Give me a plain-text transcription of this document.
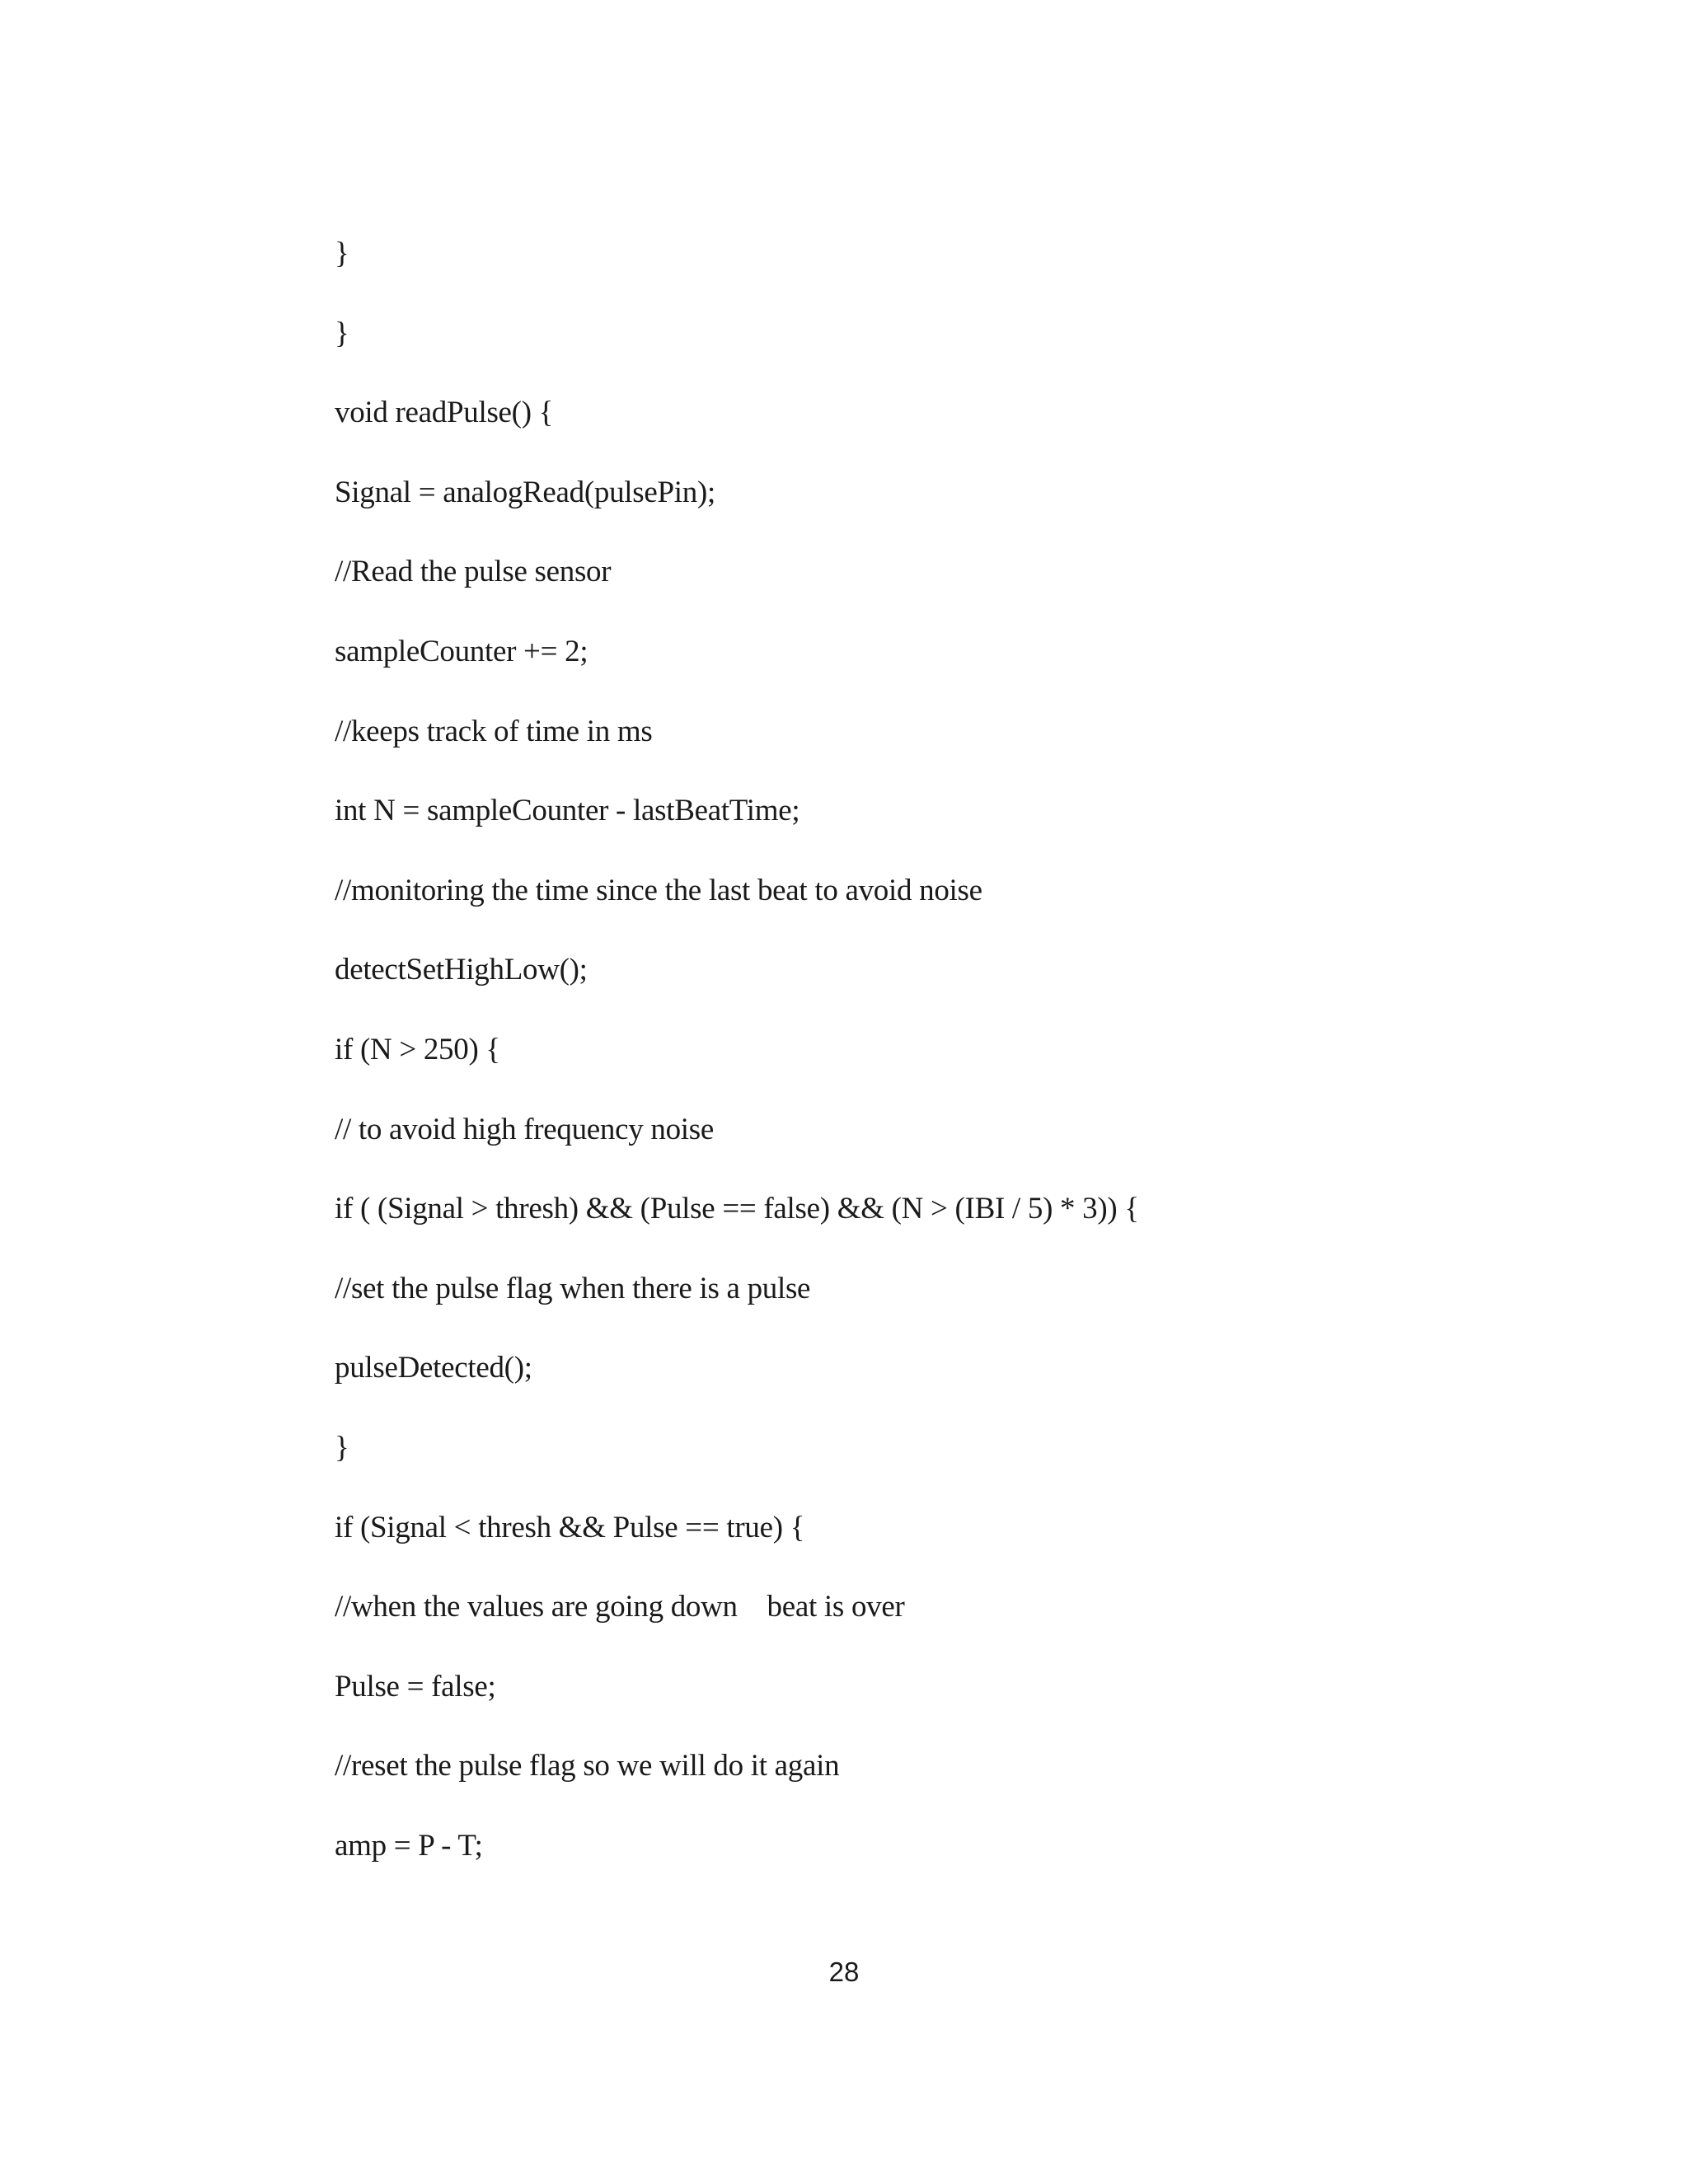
}
}
void readPulse() {
Signal = analogRead(pulsePin);
//Read the pulse sensor
sampleCounter += 2;
//keeps track of time in ms
int N = sampleCounter - lastBeatTime;
//monitoring the time since the last beat to avoid noise
detectSetHighLow();
if (N > 250) {
// to avoid high frequency noise
if ( (Signal > thresh) && (Pulse == false) && (N > (IBI / 5) * 3)) {
//set the pulse flag when there is a pulse
pulseDetected();
}
if (Signal < thresh && Pulse == true) {
//when the values are going down    beat is over
Pulse = false;
//reset the pulse flag so we will do it again
amp = P - T;
28
